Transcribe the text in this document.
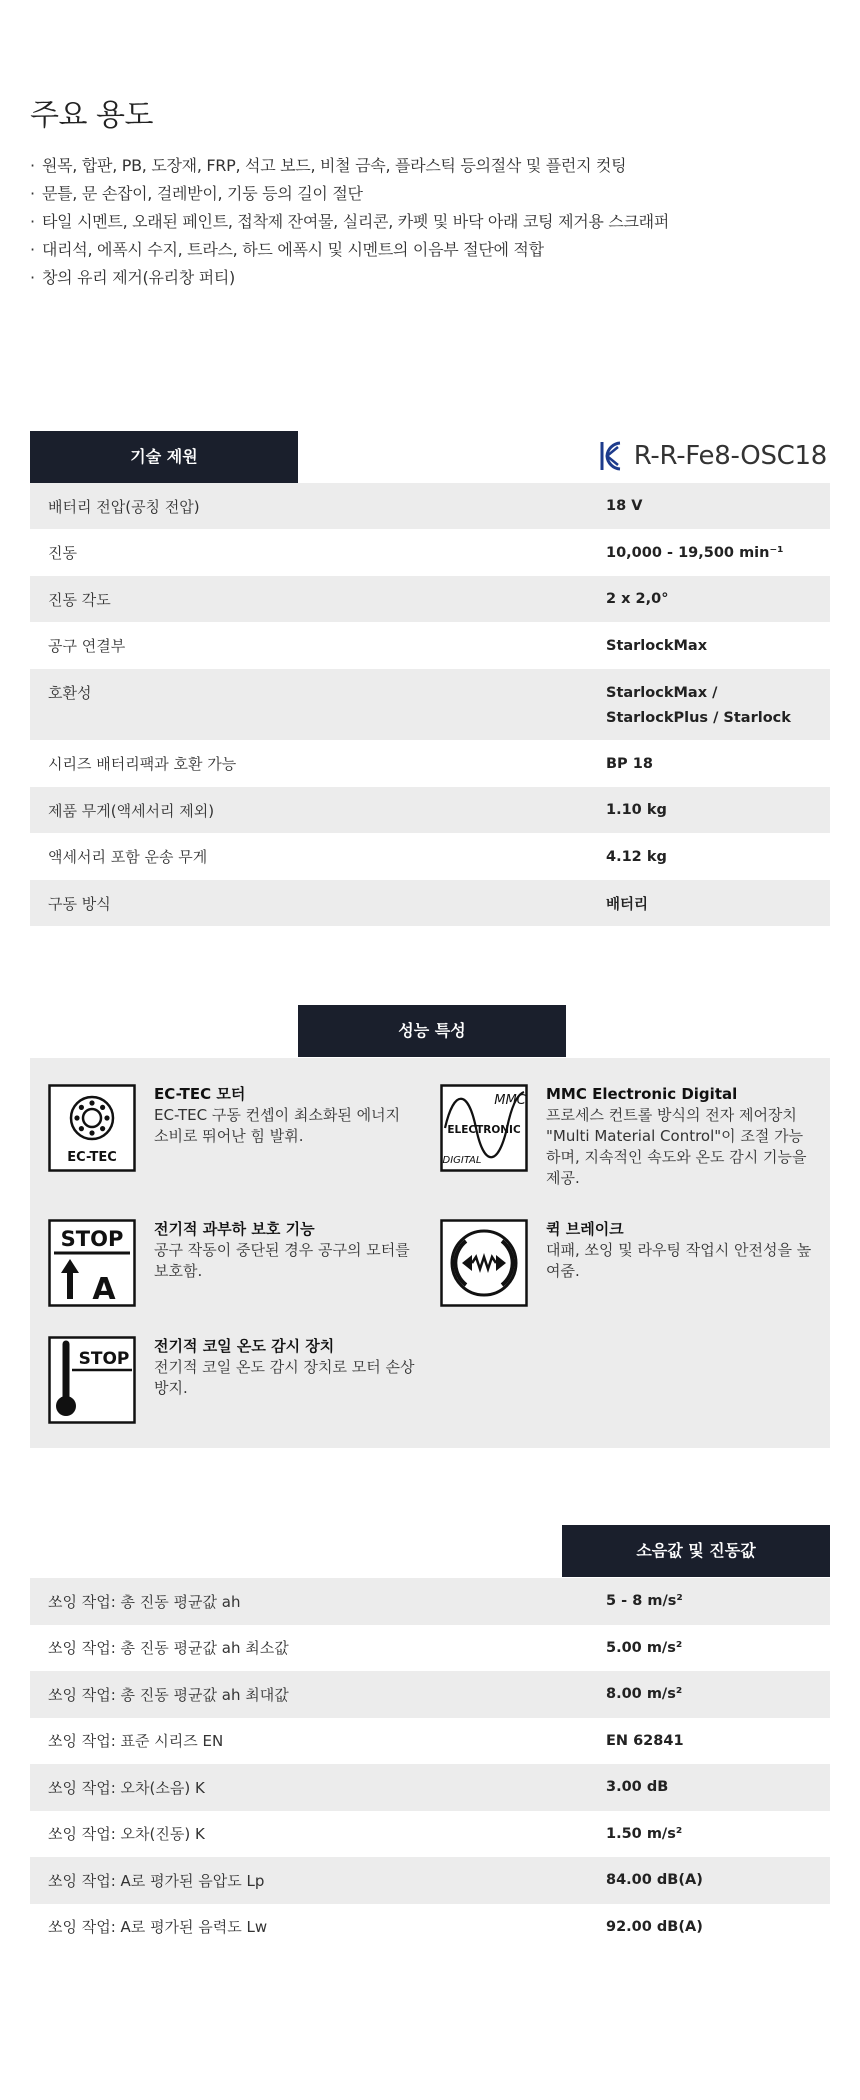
주요 용도
· 원목, 합판, PB, 도장재, FRP, 석고 보드, 비철 금속, 플라스틱 등의절삭 및 플런지 컷팅
· 문틀, 문 손잡이, 걸레받이, 기둥 등의 길이 절단
· 타일 시멘트, 오래된 페인트, 접착제 잔여물, 실리콘, 카펫 및 바닥 아래 코팅 제거용 스크래퍼
· 대리석, 에폭시 수지, 트라스, 하드 에폭시 및 시멘트의 이음부 절단에 적합
· 창의 유리 제거(유리창 퍼티)
기술 제원	R-R-Fe8-OSC18
배터리 전압(공칭 전압)	18 V
진동	10,000 - 19,500 min⁻¹
진동 각도	2 x 2,0°
공구 연결부	StarlockMax
호환성	StarlockMax / StarlockPlus / Starlock
시리즈 배터리팩과 호환 가능	BP 18
제품 무게(액세서리 제외)	1.10 kg
액세서리 포함 운송 무게	4.12 kg
구동 방식	배터리
성능 특성
EC-TEC
EC-TEC 모터
EC-TEC 구동 컨셉이 최소화된 에너지 소비로 뛰어난 힘 발휘.
MMC
ELECTRONIC
DIGITAL
MMC Electronic Digital
프로세스 컨트롤 방식의 전자 제어장치 "Multi Material Control"이 조절 가능하며, 지속적인 속도와 온도 감시 기능을 제공.
STOP
A
전기적 과부하 보호 기능
공구 작동이 중단된 경우 공구의 모터를 보호함.
퀵 브레이크
대패, 쏘잉 및 라우팅 작업시 안전성을 높여줌.
STOP
전기적 코일 온도 감시 장치
전기적 코일 온도 감시 장치로 모터 손상 방지.
소음값 및 진동값
쏘잉 작업: 총 진동 평균값 ah	5 - 8 m/s²
쏘잉 작업: 총 진동 평균값 ah 최소값	5.00 m/s²
쏘잉 작업: 총 진동 평균값 ah 최대값	8.00 m/s²
쏘잉 작업: 표준 시리즈 EN	EN 62841
쏘잉 작업: 오차(소음) K	3.00 dB
쏘잉 작업: 오차(진동) K	1.50 m/s²
쏘잉 작업: A로 평가된 음압도 Lp	84.00 dB(A)
쏘잉 작업: A로 평가된 음력도 Lw	92.00 dB(A)
